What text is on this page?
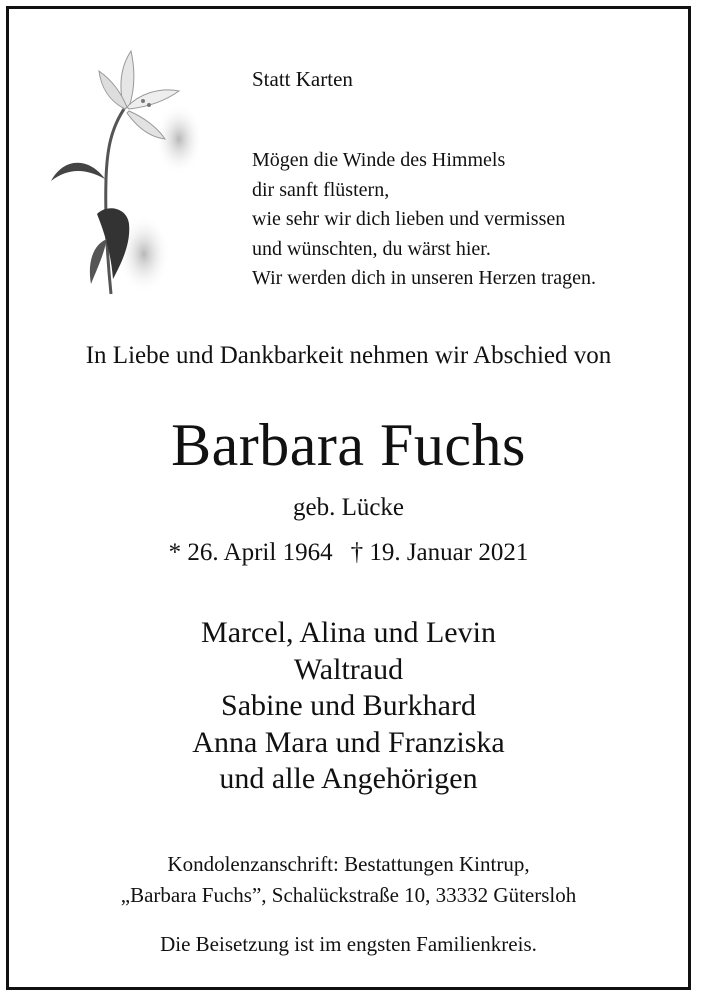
Statt Karten
Mögen die Winde des Himmels
dir sanft flüstern,
wie sehr wir dich lieben und vermissen
und wünschten, du wärst hier.
Wir werden dich in unseren Herzen tragen.
In Liebe und Dankbarkeit nehmen wir Abschied von
Barbara Fuchs
geb. Lücke
* 26. April 1964 † 19. Januar 2021
Marcel, Alina und Levin
Waltraud
Sabine und Burkhard
Anna Mara und Franziska
und alle Angehörigen
Kondolenzanschrift: Bestattungen Kintrup,
„Barbara Fuchs”, Schalückstraße 10, 33332 Gütersloh
Die Beisetzung ist im engsten Familienkreis.
